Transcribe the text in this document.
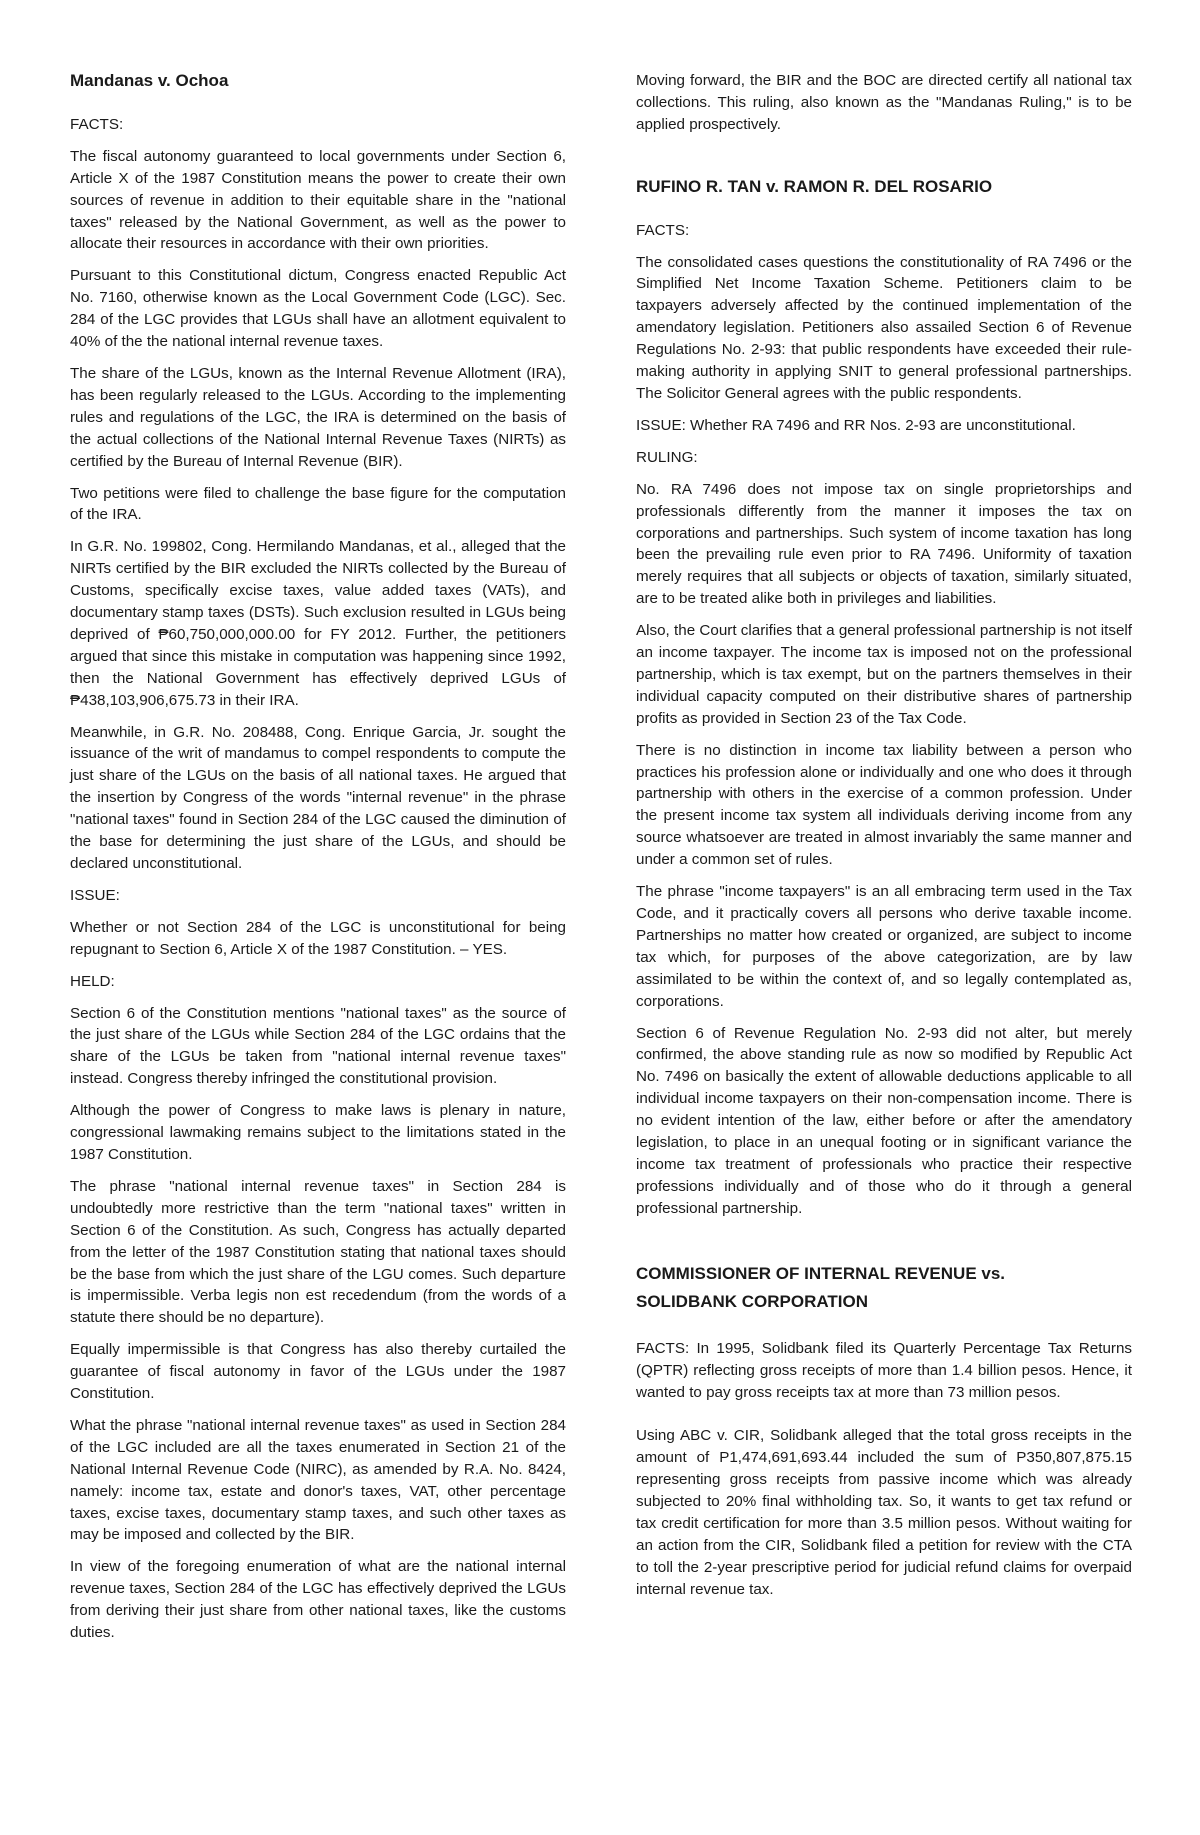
Mandanas v. Ochoa

FACTS:

The fiscal autonomy guaranteed to local governments under Section 6, Article X of the 1987 Constitution means the power to create their own sources of revenue in addition to their equitable share in the "national taxes" released by the National Government, as well as the power to allocate their resources in accordance with their own priorities.

Pursuant to this Constitutional dictum, Congress enacted Republic Act No. 7160, otherwise known as the Local Government Code (LGC). Sec. 284 of the LGC provides that LGUs shall have an allotment equivalent to 40% of the the national internal revenue taxes.

The share of the LGUs, known as the Internal Revenue Allotment (IRA), has been regularly released to the LGUs. According to the implementing rules and regulations of the LGC, the IRA is determined on the basis of the actual collections of the National Internal Revenue Taxes (NIRTs) as certified by the Bureau of Internal Revenue (BIR).

Two petitions were filed to challenge the base figure for the computation of the IRA.

In G.R. No. 199802, Cong. Hermilando Mandanas, et al., alleged that the NIRTs certified by the BIR excluded the NIRTs collected by the Bureau of Customs, specifically excise taxes, value added taxes (VATs), and documentary stamp taxes (DSTs). Such exclusion resulted in LGUs being deprived of ₱60,750,000,000.00 for FY 2012. Further, the petitioners argued that since this mistake in computation was happening since 1992, then the National Government has effectively deprived LGUs of ₱438,103,906,675.73 in their IRA.

Meanwhile, in G.R. No. 208488, Cong. Enrique Garcia, Jr. sought the issuance of the writ of mandamus to compel respondents to compute the just share of the LGUs on the basis of all national taxes. He argued that the insertion by Congress of the words "internal revenue" in the phrase "national taxes" found in Section 284 of the LGC caused the diminution of the base for determining the just share of the LGUs, and should be declared unconstitutional.

ISSUE:

Whether or not Section 284 of the LGC is unconstitutional for being repugnant to Section 6, Article X of the 1987 Constitution. – YES.

HELD:

Section 6 of the Constitution mentions "national taxes" as the source of the just share of the LGUs while Section 284 of the LGC ordains that the share of the LGUs be taken from "national internal revenue taxes" instead. Congress thereby infringed the constitutional provision.

Although the power of Congress to make laws is plenary in nature, congressional lawmaking remains subject to the limitations stated in the 1987 Constitution.

The phrase "national internal revenue taxes" in Section 284 is undoubtedly more restrictive than the term "national taxes" written in Section 6 of the Constitution. As such, Congress has actually departed from the letter of the 1987 Constitution stating that national taxes should be the base from which the just share of the LGU comes. Such departure is impermissible. Verba legis non est recedendum (from the words of a statute there should be no departure).

Equally impermissible is that Congress has also thereby curtailed the guarantee of fiscal autonomy in favor of the LGUs under the 1987 Constitution.

What the phrase "national internal revenue taxes" as used in Section 284 of the LGC included are all the taxes enumerated in Section 21 of the National Internal Revenue Code (NIRC), as amended by R.A. No. 8424, namely: income tax, estate and donor's taxes, VAT, other percentage taxes, excise taxes, documentary stamp taxes, and such other taxes as may be imposed and collected by the BIR.

In view of the foregoing enumeration of what are the national internal revenue taxes, Section 284 of the LGC has effectively deprived the LGUs from deriving their just share from other national taxes, like the customs duties.

Moving forward, the BIR and the BOC are directed certify all national tax collections. This ruling, also known as the "Mandanas Ruling," is to be applied prospectively.

RUFINO R. TAN v. RAMON R. DEL ROSARIO

FACTS:

The consolidated cases questions the constitutionality of RA 7496 or the Simplified Net Income Taxation Scheme. Petitioners claim to be taxpayers adversely affected by the continued implementation of the amendatory legislation. Petitioners also assailed Section 6 of Revenue Regulations No. 2-93: that public respondents have exceeded their rule-making authority in applying SNIT to general professional partnerships. The Solicitor General agrees with the public respondents.

ISSUE: Whether RA 7496 and RR Nos. 2-93 are unconstitutional.

RULING:

No. RA 7496 does not impose tax on single proprietorships and professionals differently from the manner it imposes the tax on corporations and partnerships. Such system of income taxation has long been the prevailing rule even prior to RA 7496. Uniformity of taxation merely requires that all subjects or objects of taxation, similarly situated, are to be treated alike both in privileges and liabilities.

Also, the Court clarifies that a general professional partnership is not itself an income taxpayer. The income tax is imposed not on the professional partnership, which is tax exempt, but on the partners themselves in their individual capacity computed on their distributive shares of partnership profits as provided in Section 23 of the Tax Code.

There is no distinction in income tax liability between a person who practices his profession alone or individually and one who does it through partnership with others in the exercise of a common profession. Under the present income tax system all individuals deriving income from any source whatsoever are treated in almost invariably the same manner and under a common set of rules.

The phrase "income taxpayers" is an all embracing term used in the Tax Code, and it practically covers all persons who derive taxable income. Partnerships no matter how created or organized, are subject to income tax which, for purposes of the above categorization, are by law assimilated to be within the context of, and so legally contemplated as, corporations.

Section 6 of Revenue Regulation No. 2-93 did not alter, but merely confirmed, the above standing rule as now so modified by Republic Act No. 7496 on basically the extent of allowable deductions applicable to all individual income taxpayers on their non-compensation income. There is no evident intention of the law, either before or after the amendatory legislation, to place in an unequal footing or in significant variance the income tax treatment of professionals who practice their respective professions individually and of those who do it through a general professional partnership.

COMMISSIONER OF INTERNAL REVENUE vs.
SOLIDBANK CORPORATION

FACTS: In 1995, Solidbank filed its Quarterly Percentage Tax Returns (QPTR) reflecting gross receipts of more than 1.4 billion pesos. Hence, it wanted to pay gross receipts tax at more than 73 million pesos.

Using ABC v. CIR, Solidbank alleged that the total gross receipts in the amount of P1,474,691,693.44 included the sum of P350,807,875.15 representing gross receipts from passive income which was already subjected to 20% final withholding tax. So, it wants to get tax refund or tax credit certification for more than 3.5 million pesos. Without waiting for an action from the CIR, Solidbank filed a petition for review with the CTA to toll the 2-year prescriptive period for judicial refund claims for overpaid internal revenue tax.
